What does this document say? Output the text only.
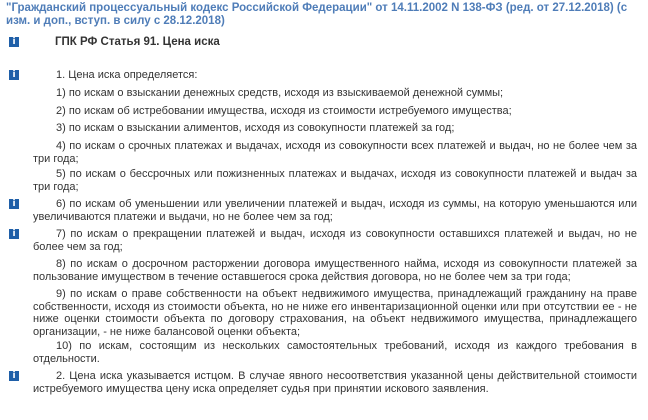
"Гражданский процессуальный кодекс Российской Федерации" от 14.11.2002 N 138-ФЗ (ред. от 27.12.2018) (с изм. и доп., вступ. в силу с 28.12.2018)
i	ГПК РФ Статья 91. Цена иска
i	1. Цена иска определяется:
1) по искам о взыскании денежных средств, исходя из взыскиваемой денежной суммы;
2) по искам об истребовании имущества, исходя из стоимости истребуемого имущества;
3) по искам о взыскании алиментов, исходя из совокупности платежей за год;
4) по искам о срочных платежах и выдачах, исходя из совокупности всех платежей и выдач, но не более чем за три года;
5) по искам о бессрочных или пожизненных платежах и выдачах, исходя из совокупности платежей и выдач за три года;
i	6) по искам об уменьшении или увеличении платежей и выдач, исходя из суммы, на которую уменьшаются или увеличиваются платежи и выдачи, но не более чем за год;
i	7) по искам о прекращении платежей и выдач, исходя из совокупности оставшихся платежей и выдач, но не более чем за год;
8) по искам о досрочном расторжении договора имущественного найма, исходя из совокупности платежей за пользование имуществом в течение оставшегося срока действия договора, но не более чем за три года;
9) по искам о праве собственности на объект недвижимого имущества, принадлежащий гражданину на праве собственности, исходя из стоимости объекта, но не ниже его инвентаризационной оценки или при отсутствии ее - не ниже оценки стоимости объекта по договору страхования, на объект недвижимого имущества, принадлежащего организации, - не ниже балансовой оценки объекта;
10) по искам, состоящим из нескольких самостоятельных требований, исходя из каждого требования в отдельности.
i	2. Цена иска указывается истцом. В случае явного несоответствия указанной цены действительной стоимости истребуемого имущества цену иска определяет судья при принятии искового заявления.
